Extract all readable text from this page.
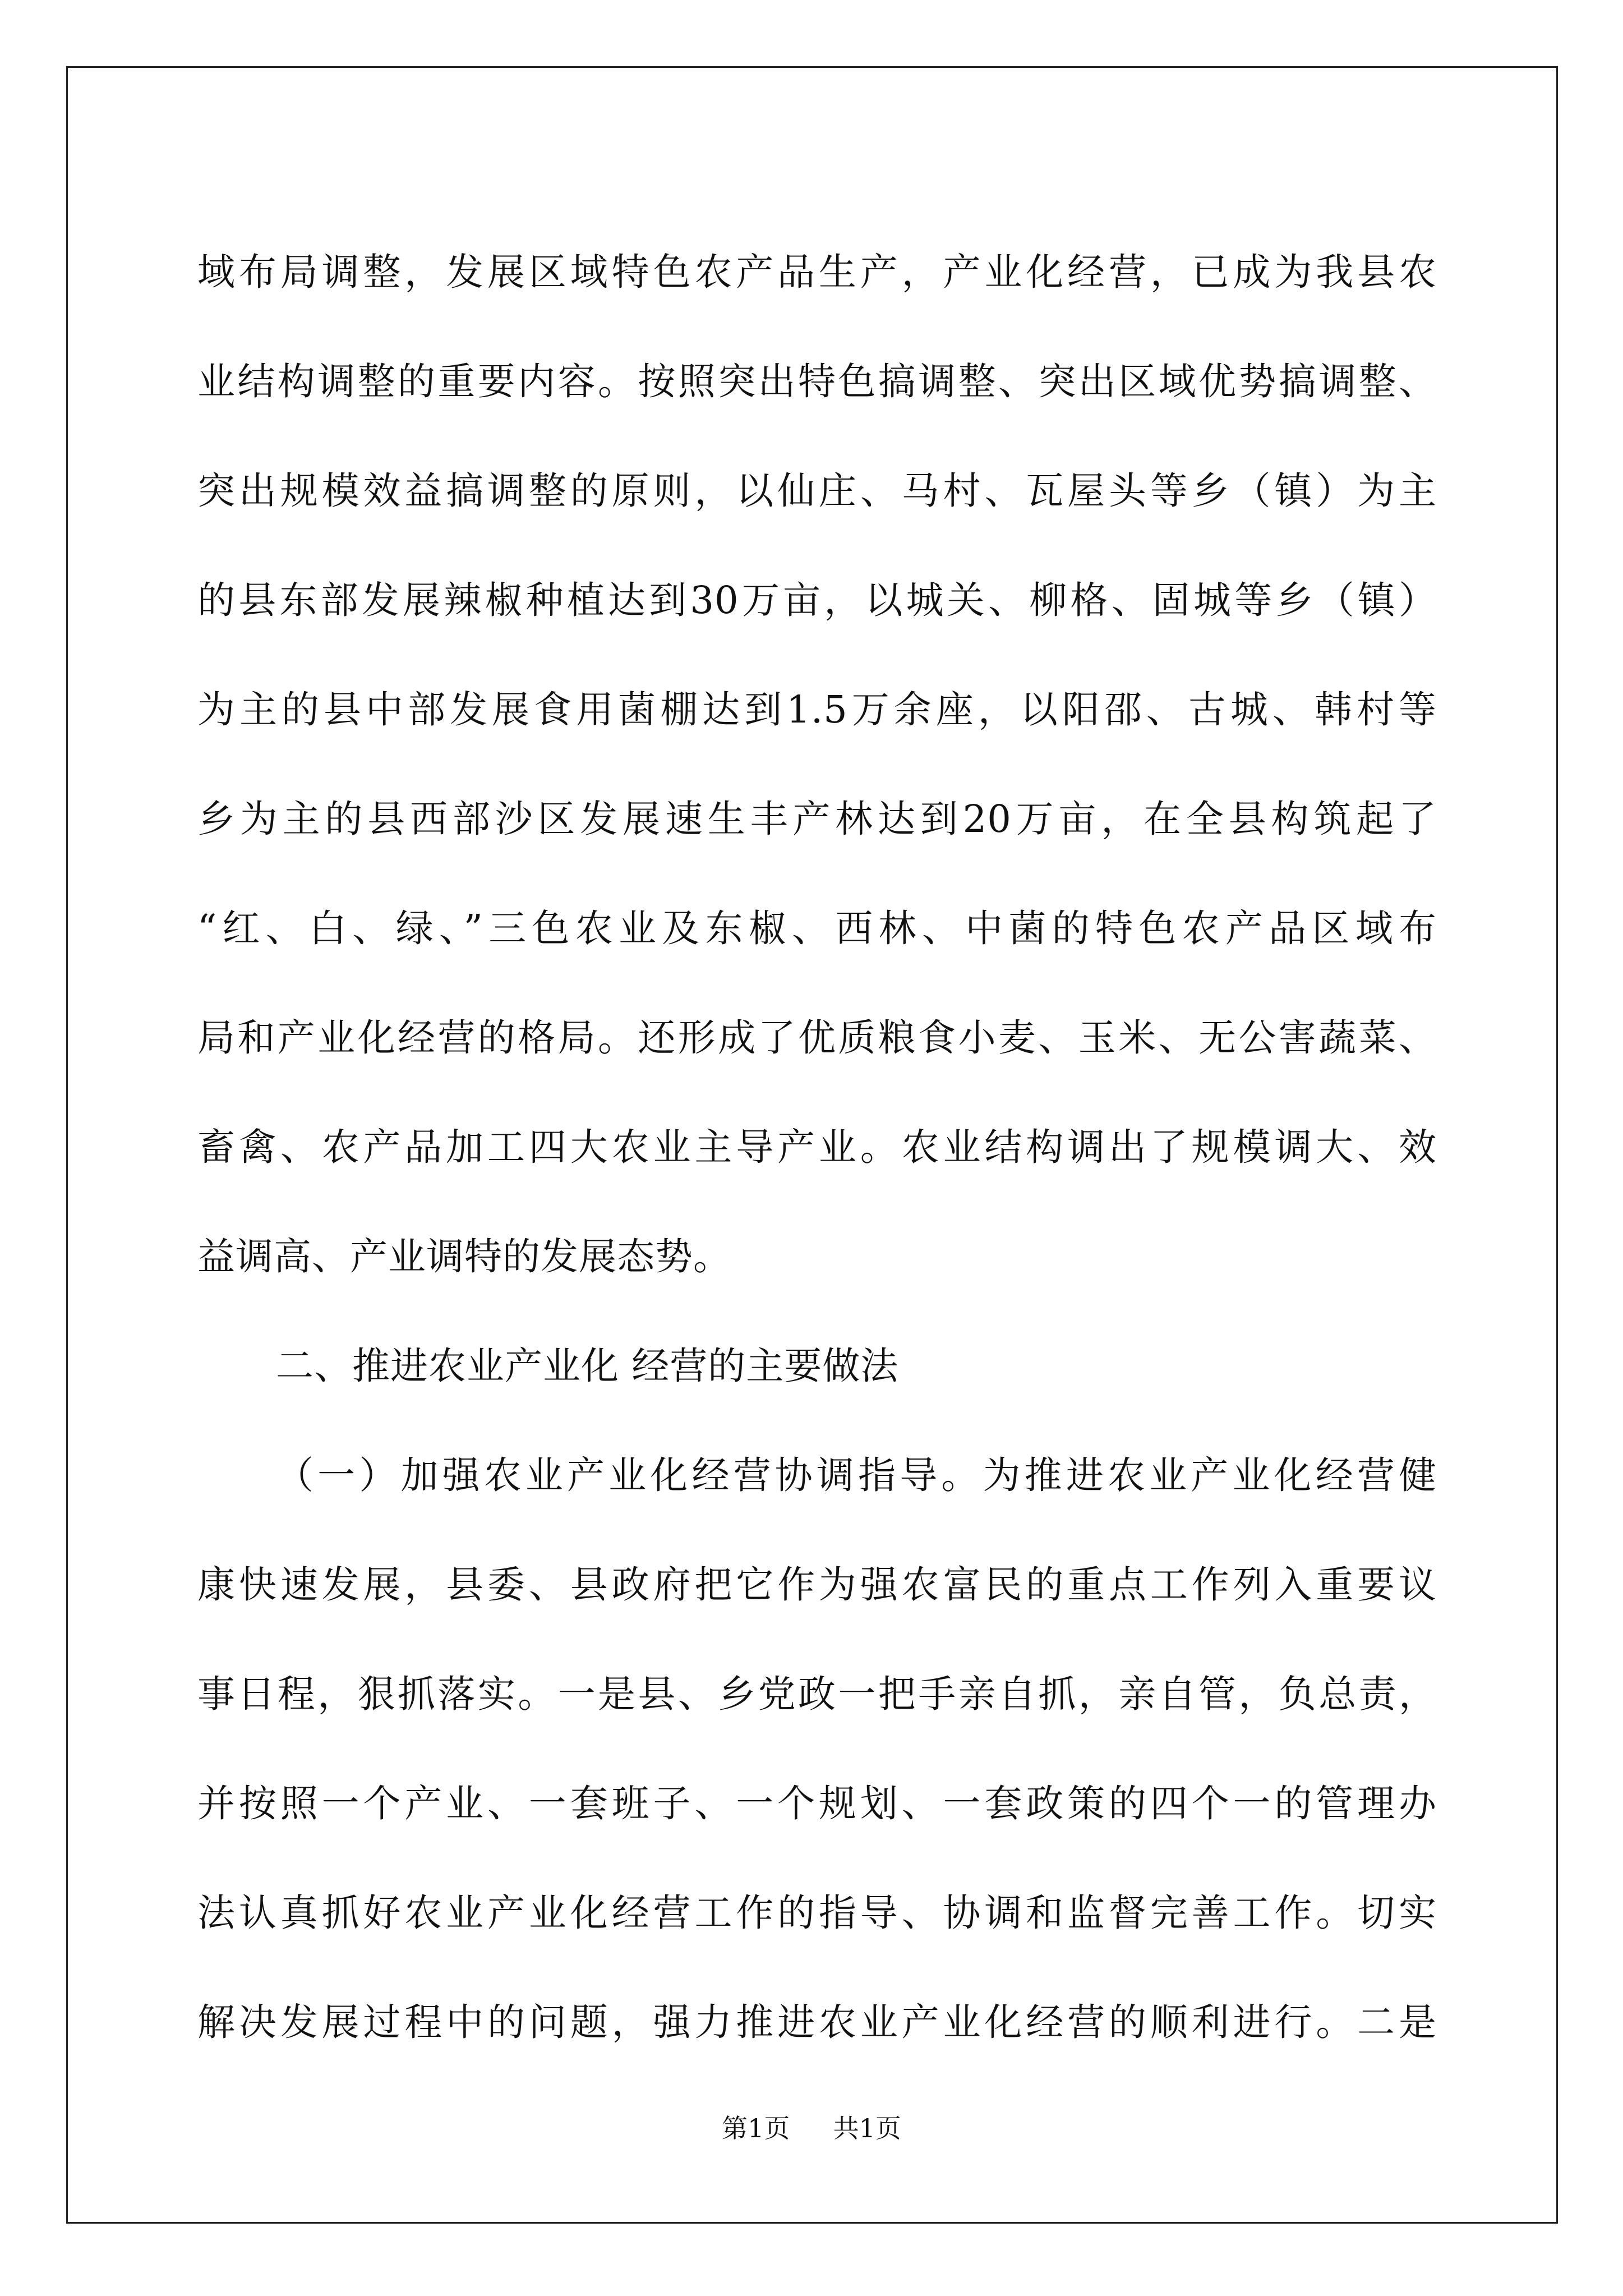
域布局调整，发展区域特色农产品生产，产业化经营，已成为我县农
业结构调整的重要内容。按照突出特色搞调整、突出区域优势搞调整、
突出规模效益搞调整的原则，以仙庄、马村、瓦屋头等乡（镇）为主
的县东部发展辣椒种植达到30万亩，以城关、柳格、固城等乡（镇）
为主的县中部发展食用菌棚达到1.5万余座，以阳邵、古城、韩村等
乡为主的县西部沙区发展速生丰产林达到20万亩，在全县构筑起了
“红、白、绿、”三色农业及东椒、西林、中菌的特色农产品区域布
局和产业化经营的格局。还形成了优质粮食小麦、玉米、无公害蔬菜、
畜禽、农产品加工四大农业主导产业。农业结构调出了规模调大、效
益调高、产业调特的发展态势。
二、推进农业产业化 经营的主要做法
（一）加强农业产业化经营协调指导。为推进农业产业化经营健
康快速发展，县委、县政府把它作为强农富民的重点工作列入重要议
事日程，狠抓落实。一是县、乡党政一把手亲自抓，亲自管，负总责，
并按照一个产业、一套班子、一个规划、一套政策的四个一的管理办
法认真抓好农业产业化经营工作的指导、协调和监督完善工作。切实
解决发展过程中的问题，强力推进农业产业化经营的顺利进行。二是
第1页 共1页
